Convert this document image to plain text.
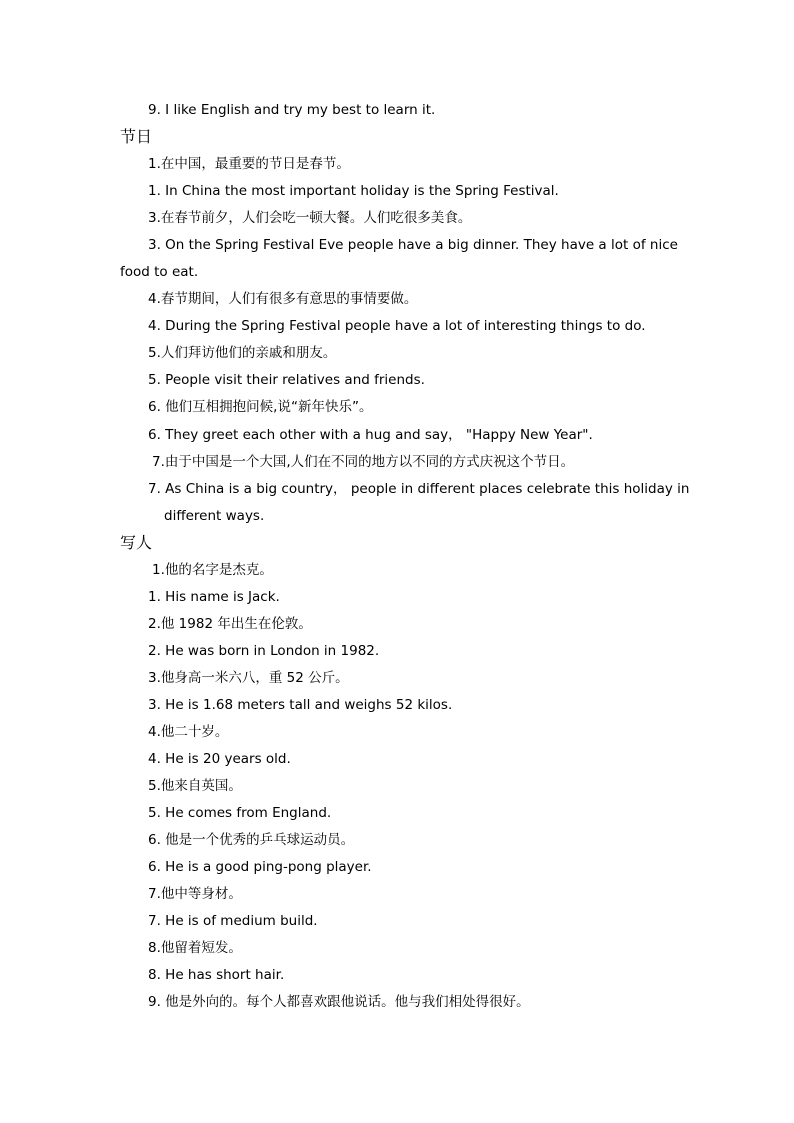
9. I like English and try my best to learn it.
节日
1.在中国，最重要的节日是春节。
1. In China the most important holiday is the Spring Festival.
3.在春节前夕，人们会吃一顿大餐。人们吃很多美食。
3. On the Spring Festival Eve people have a big dinner. They have a lot of nice
food to eat.
4.春节期间，人们有很多有意思的事情要做。
4. During the Spring Festival people have a lot of interesting things to do.
5.人们拜访他们的亲戚和朋友。
5. People visit their relatives and friends.
6. 他们互相拥抱问候,说“新年快乐”。
6. They greet each other with a hug and say， "Happy New Year".
7.由于中国是一个大国,人们在不同的地方以不同的方式庆祝这个节日。
7. As China is a big country， people in different places celebrate this holiday in
different ways.
写人
1.他的名字是杰克。
1. His name is Jack.
2.他 1982 年出生在伦敦。
2. He was born in London in 1982.
3.他身高一米六八，重 52 公斤。
3. He is 1.68 meters tall and weighs 52 kilos.
4.他二十岁。
4. He is 20 years old.
5.他来自英国。
5. He comes from England.
6. 他是一个优秀的乒乓球运动员。
6. He is a good ping-pong player.
7.他中等身材。
7. He is of medium build.
8.他留着短发。
8. He has short hair.
9. 他是外向的。每个人都喜欢跟他说话。他与我们相处得很好。
